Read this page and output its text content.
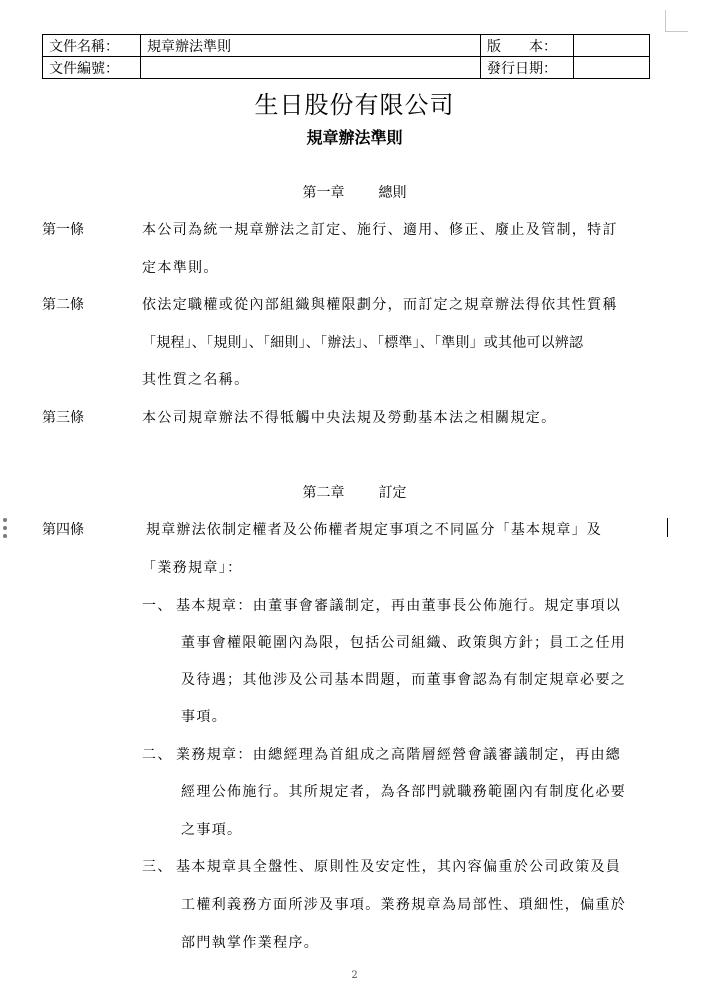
文件名稱：	規章辦法準則	版　　本：	
文件編號：		發行日期：	
生日股份有限公司
規章辦法準則
第一章 總則
第一條	本公司為統一規章辦法之訂定、施行、適用、修正、廢止及管制，特訂
定本準則。
第二條	依法定職權或從內部組織與權限劃分，而訂定之規章辦法得依其性質稱
「規程」、「規則」、「細則」、「辦法」、「標準」、「準則」或其他可以辨認
其性質之名稱。
第三條	本公司規章辦法不得牴觸中央法規及勞動基本法之相關規定。
第二章 訂定
第四條	規章辦法依制定權者及公佈權者規定事項之不同區分「基本規章」及
「業務規章」：
一、 基本規章：由董事會審議制定，再由董事長公佈施行。規定事項以
董事會權限範圍內為限，包括公司組織、政策與方針；員工之任用
及待遇；其他涉及公司基本問題，而董事會認為有制定規章必要之
事項。
二、 業務規章：由總經理為首組成之高階層經營會議審議制定，再由總
經理公佈施行。其所規定者，為各部門就職務範圍內有制度化必要
之事項。
三、 基本規章具全盤性、原則性及安定性，其內容偏重於公司政策及員
工權利義務方面所涉及事項。業務規章為局部性、瑣細性，偏重於
部門執掌作業程序。
2
